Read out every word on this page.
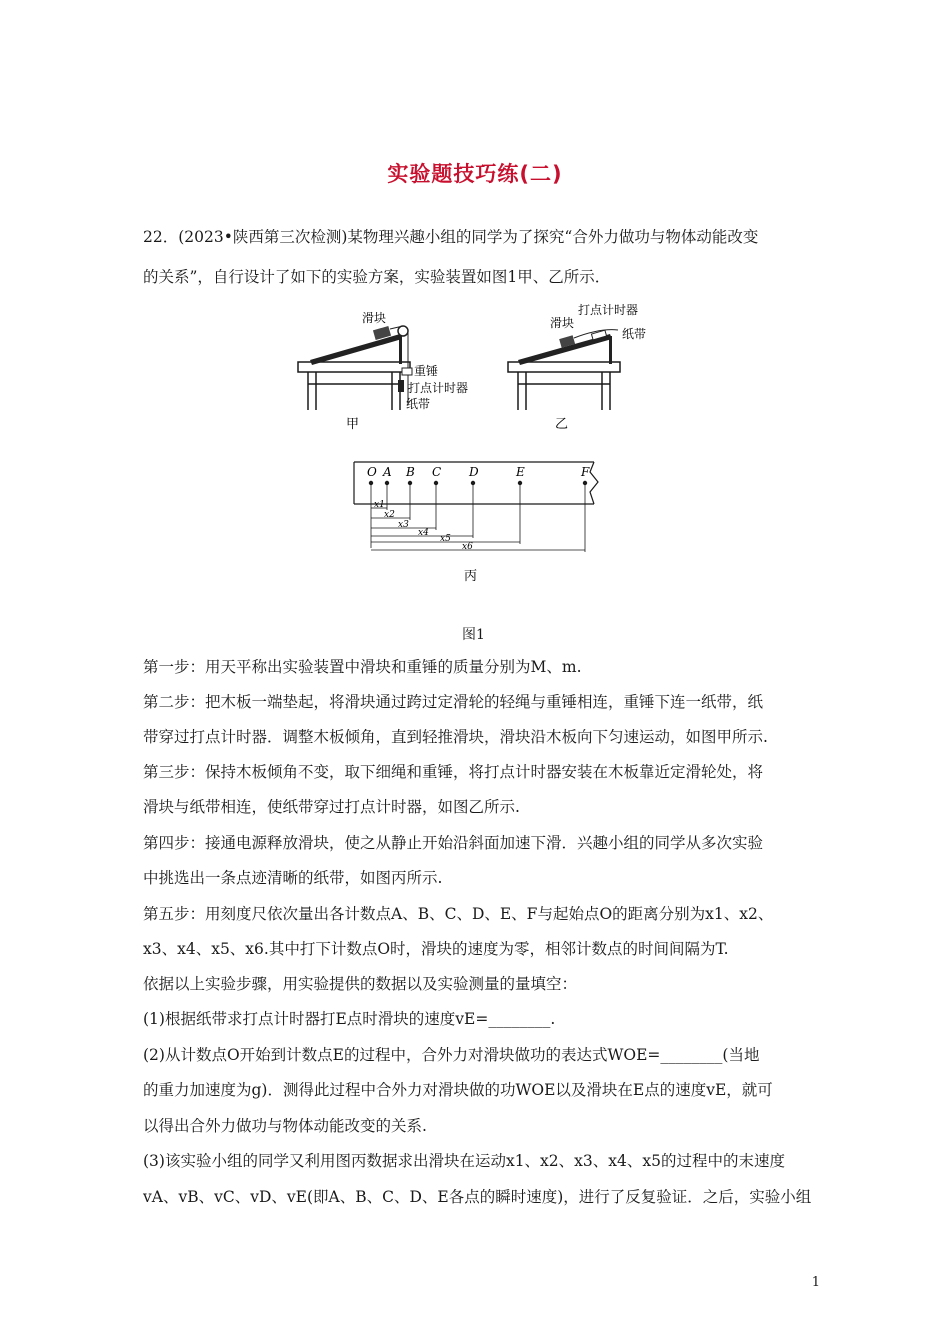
实验题技巧练(二)
22．(2023•陕西第三次检测)某物理兴趣小组的同学为了探究“合外力做功与物体动能改变
的关系”，自行设计了如下的实验方案，实验装置如图1甲、乙所示．
滑块
重锤
打点计时器
纸带
甲
滑块
打点计时器
纸带
乙
O A B C D	E	F
x1
x2
x3
x4
x5
x6
丙
图1
第一步：用天平称出实验装置中滑块和重锤的质量分别为M、m.
第二步：把木板一端垫起，将滑块通过跨过定滑轮的轻绳与重锤相连，重锤下连一纸带，纸
带穿过打点计时器．调整木板倾角，直到轻推滑块，滑块沿木板向下匀速运动，如图甲所示.
第三步：保持木板倾角不变，取下细绳和重锤，将打点计时器安装在木板靠近定滑轮处，将
滑块与纸带相连，使纸带穿过打点计时器，如图乙所示.
第四步：接通电源释放滑块，使之从静止开始沿斜面加速下滑．兴趣小组的同学从多次实验
中挑选出一条点迹清晰的纸带，如图丙所示.
第五步：用刻度尺依次量出各计数点A、B、C、D、E、F与起始点O的距离分别为x1、x2、
x3、x4、x5、x6.其中打下计数点O时，滑块的速度为零，相邻计数点的时间间隔为T.
依据以上实验步骤，用实验提供的数据以及实验测量的量填空：
(1)根据纸带求打点计时器打E点时滑块的速度vE=________.
(2)从计数点O开始到计数点E的过程中，合外力对滑块做功的表达式WOE=________(当地
的重力加速度为g)．测得此过程中合外力对滑块做的功WOE以及滑块在E点的速度vE，就可
以得出合外力做功与物体动能改变的关系.
(3)该实验小组的同学又利用图丙数据求出滑块在运动x1、x2、x3、x4、x5的过程中的末速度
vA、vB、vC、vD、vE(即A、B、C、D、E各点的瞬时速度)，进行了反复验证．之后，实验小组
1
